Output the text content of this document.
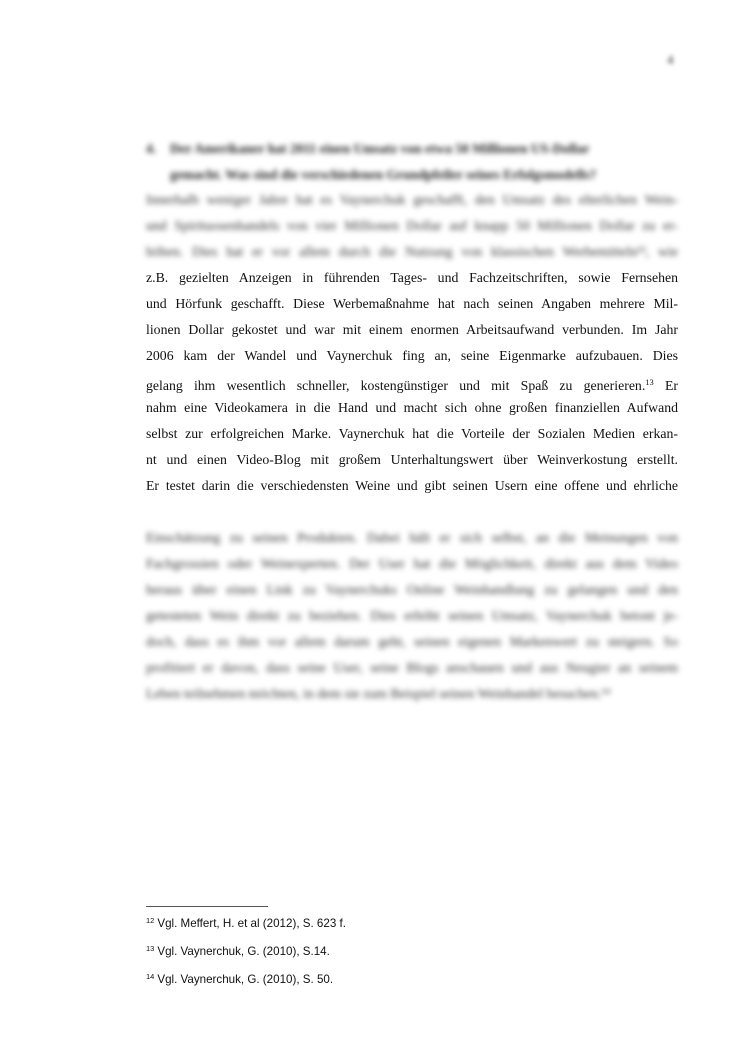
4
4. Der Amerikaner hat 2011 einen Umsatz von etwa 50 Millionen US-Dollar
gemacht. Was sind die verschiedenen Grundpfeiler seines Erfolgsmodells?
Innerhalb weniger Jahre hat es Vaynerchuk geschafft, den Umsatz des elterlichen Wein-
und Spirituosenhandels von vier Millionen Dollar auf knapp 50 Millionen Dollar zu er-
höhen. Dies hat er vor allem durch die Nutzung von klassischen Werbemitteln¹², wie
z.B. gezielten Anzeigen in führenden Tages- und Fachzeitschriften, sowie Fernsehen
und Hörfunk geschafft. Diese Werbemaßnahme hat nach seinen Angaben mehrere Mil-
lionen Dollar gekostet und war mit einem enormen Arbeitsaufwand verbunden. Im Jahr
2006 kam der Wandel und Vaynerchuk fing an, seine Eigenmarke aufzubauen. Dies
gelang ihm wesentlich schneller, kostengünstiger und mit Spaß zu generieren.$^{13}$ Er
nahm eine Videokamera in die Hand und macht sich ohne großen finanziellen Aufwand
selbst zur erfolgreichen Marke. Vaynerchuk hat die Vorteile der Sozialen Medien erkan-
nt und einen Video-Blog mit großem Unterhaltungswert über Weinverkostung erstellt.
Er testet darin die verschiedensten Weine und gibt seinen Usern eine offene und ehrliche
Einschätzung zu seinen Produkten. Dabei hält er sich selbst, an die Meinungen von
Fachgrossien oder Weinexperten. Der User hat die Möglichkeit, direkt aus dem Video
heraus über einen Link zu Vaynerchuks Online Weinhandlung zu gelangen und den
getesteten Wein direkt zu beziehen. Dies erhöht seinen Umsatz, Vaynerchuk betont je-
doch, dass es ihm vor allem darum geht, seinen eigenen Markenwert zu steigern. So
profitiert er davon, dass seine User, seine Blogs anschauen und aus Neugier an seinem
Leben teilnehmen möchten, in dem sie zum Beispiel seinen Weinhandel besuchen.¹⁴
$^{12}$ Vgl. Meffert, H. et al (2012), S. 623 f.
$^{13}$ Vgl. Vaynerchuk, G. (2010), S.14.
$^{14}$ Vgl. Vaynerchuk, G. (2010), S. 50.
